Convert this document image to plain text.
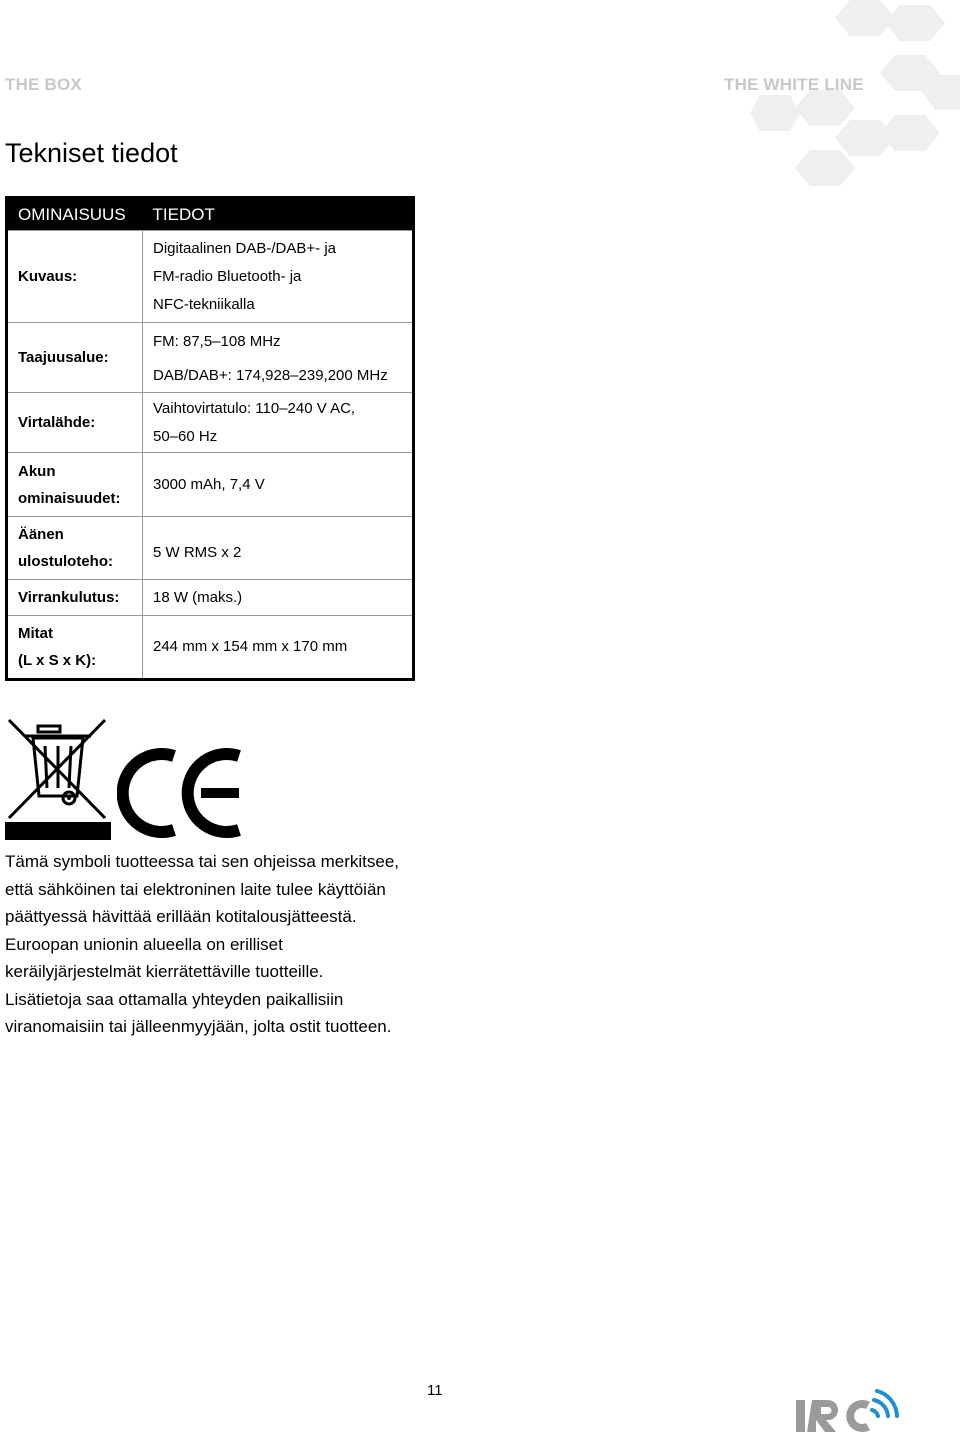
THE BOX	THE WHITE LINE
Tekniset tiedot
OMINAISUUS	TIEDOT

Kuvaus:	Digitaalinen DAB-/DAB+- ja
FM-radio Bluetooth- ja
NFC-tekniikalla

Taajuusalue:	FM: 87,5–108 MHz
DAB/DAB+: 174,928–239,200 MHz

Virtalähde:	Vaihtovirtatulo: 110–240 V AC,
50–60 Hz

Akun
ominaisuudet:	3000 mAh, 7,4 V

Äänen
ulostuloteho:	5 W RMS x 2

Virrankulutus:	18 W (maks.)

Mitat
(L x S x K):	244 mm x 154 mm x 170 mm
Tämä symboli tuotteessa tai sen ohjeissa merkitsee,
että sähköinen tai elektroninen laite tulee käyttöiän
päättyessä hävittää erillään kotitalousjätteestä.
Euroopan unionin alueella on erilliset
keräilyjärjestelmät kierrätettäville tuotteille.
Lisätietoja saa ottamalla yhteyden paikallisiin
viranomaisiin tai jälleenmyyjään, jolta ostit tuotteen.
11
